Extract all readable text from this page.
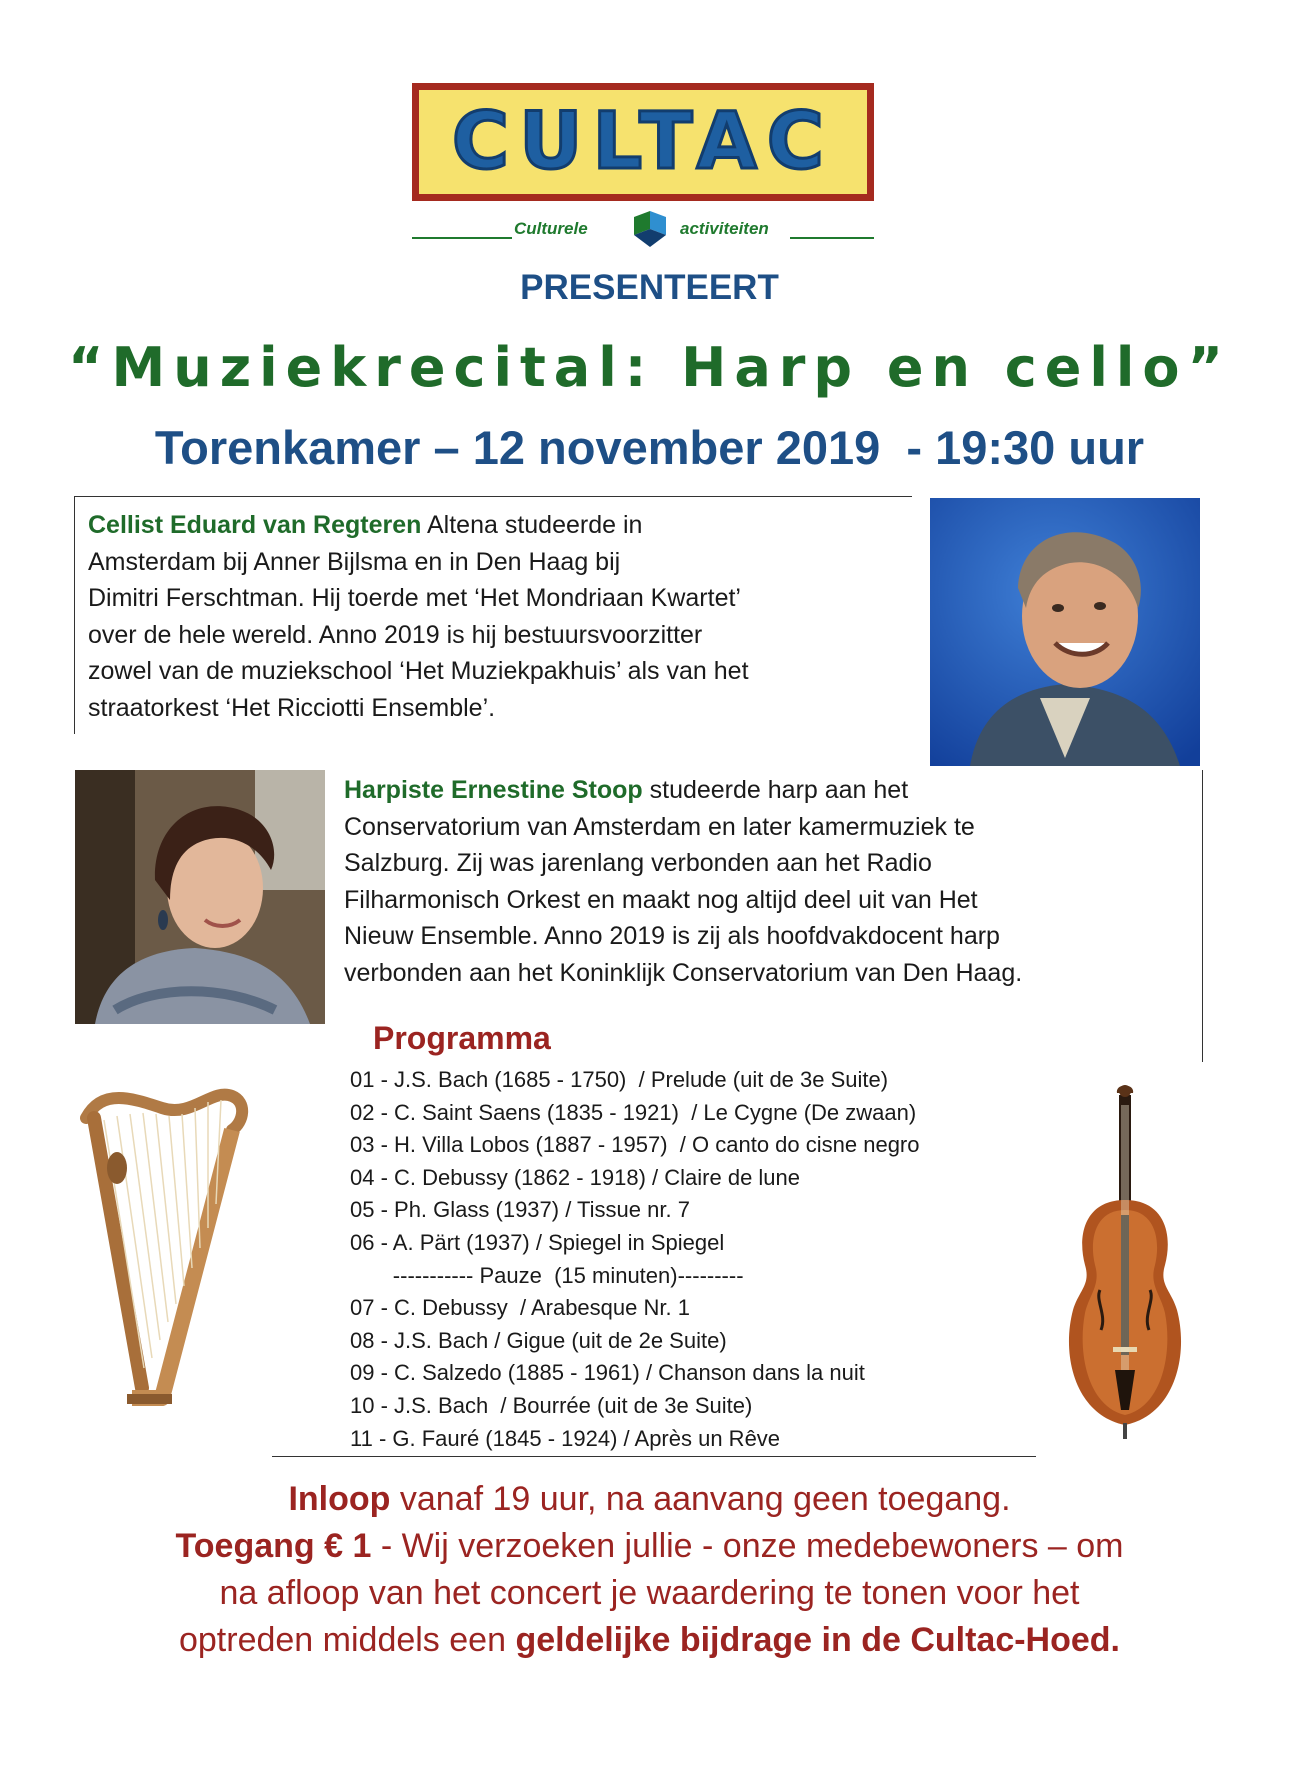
CULTAC
Culturele	activiteiten
PRESENTEERT
“Muziekrecital: Harp en cello”
Torenkamer – 12 november 2019  - 19:30 uur
Cellist Eduard van Regteren Altena studeerde in
Amsterdam bij Anner Bijlsma en in Den Haag bij
Dimitri Ferschtman. Hij toerde met ‘Het Mondriaan Kwartet’
over de hele wereld. Anno 2019 is hij bestuursvoorzitter
zowel van de muziekschool ‘Het Muziekpakhuis’ als van het
straatorkest ‘Het Ricciotti Ensemble’.
Harpiste Ernestine Stoop studeerde harp aan het
Conservatorium van Amsterdam en later kamermuziek te
Salzburg. Zij was jarenlang verbonden aan het Radio
Filharmonisch Orkest en maakt nog altijd deel uit van Het
Nieuw Ensemble. Anno 2019 is zij als hoofdvakdocent harp
verbonden aan het Koninklijk Conservatorium van Den Haag.
Programma
01 - J.S. Bach (1685 - 1750)  / Prelude (uit de 3e Suite)
02 - C. Saint Saens (1835 - 1921)  / Le Cygne (De zwaan)
03 - H. Villa Lobos (1887 - 1957)  / O canto do cisne negro
04 - C. Debussy (1862 - 1918) / Claire de lune
05 - Ph. Glass (1937) / Tissue nr. 7
06 - A. Pärt (1937) / Spiegel in Spiegel
----------- Pauze  (15 minuten)---------
07 - C. Debussy  / Arabesque Nr. 1
08 - J.S. Bach / Gigue (uit de 2e Suite)
09 - C. Salzedo (1885 - 1961) / Chanson dans la nuit
10 - J.S. Bach  / Bourrée (uit de 3e Suite)
11 - G. Fauré (1845 - 1924) / Après un Rêve
Inloop vanaf 19 uur, na aanvang geen toegang.
Toegang € 1 - Wij verzoeken jullie - onze medebewoners – om
na afloop van het concert je waardering te tonen voor het
optreden middels een geldelijke bijdrage in de Cultac-Hoed.
